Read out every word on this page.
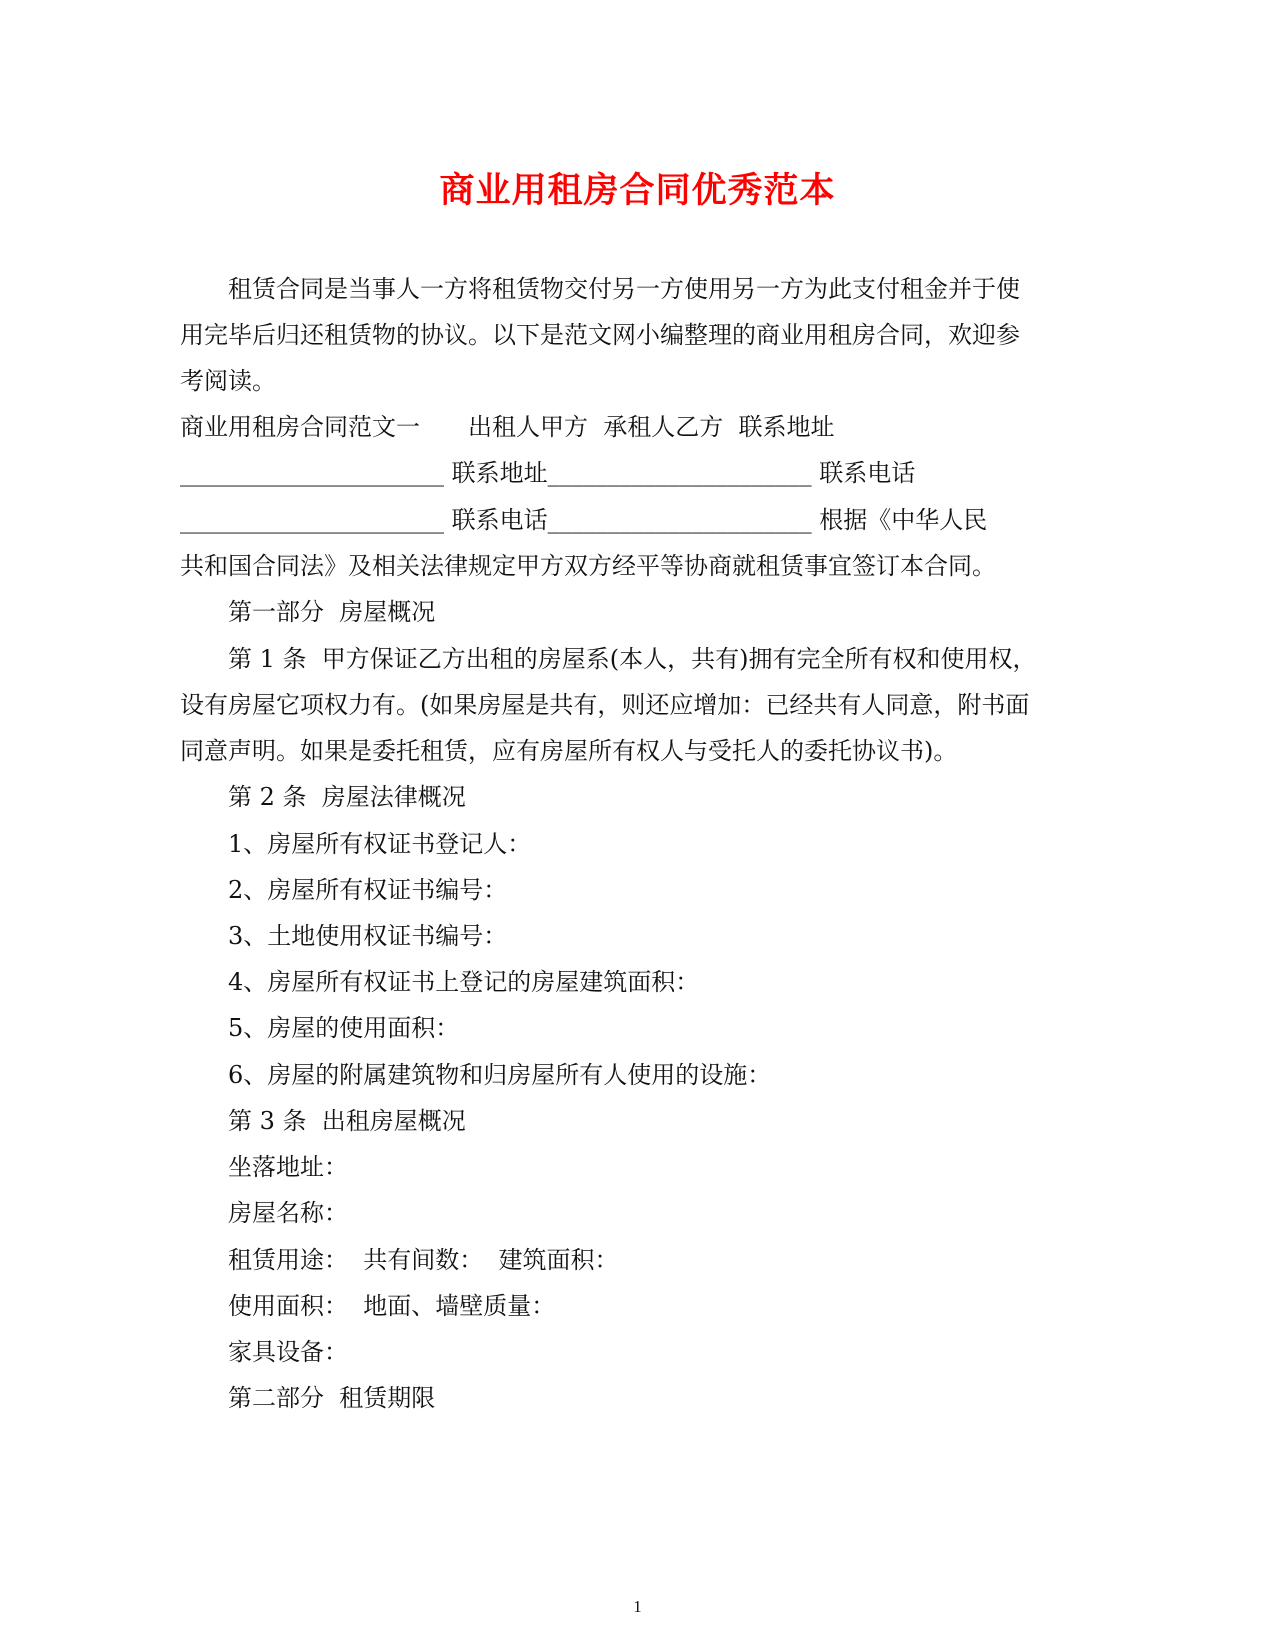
商业用租房合同优秀范本
租赁合同是当事人一方将租赁物交付另一方使用另一方为此支付租金并于使
用完毕后归还租赁物的协议。以下是范文网小编整理的商业用租房合同，欢迎参
考阅读。
商业用租房合同范文一　　出租人甲方  承租人乙方  联系地址
______________________ 联系地址______________________ 联系电话
______________________ 联系电话______________________ 根据《中华人民
共和国合同法》及相关法律规定甲方双方经平等协商就租赁事宜签订本合同。
第一部分  房屋概况
第 1 条  甲方保证乙方出租的房屋系(本人，共有)拥有完全所有权和使用权，
设有房屋它项权力有。(如果房屋是共有，则还应增加：已经共有人同意，附书面
同意声明。如果是委托租赁，应有房屋所有权人与受托人的委托协议书)。
第 2 条  房屋法律概况
1、房屋所有权证书登记人：
2、房屋所有权证书编号：
3、土地使用权证书编号：
4、房屋所有权证书上登记的房屋建筑面积：
5、房屋的使用面积：
6、房屋的附属建筑物和归房屋所有人使用的设施：
第 3 条  出租房屋概况
坐落地址：
房屋名称：
租赁用途：  共有间数：  建筑面积：
使用面积：  地面、墙壁质量：
家具设备：
第二部分  租赁期限
1
